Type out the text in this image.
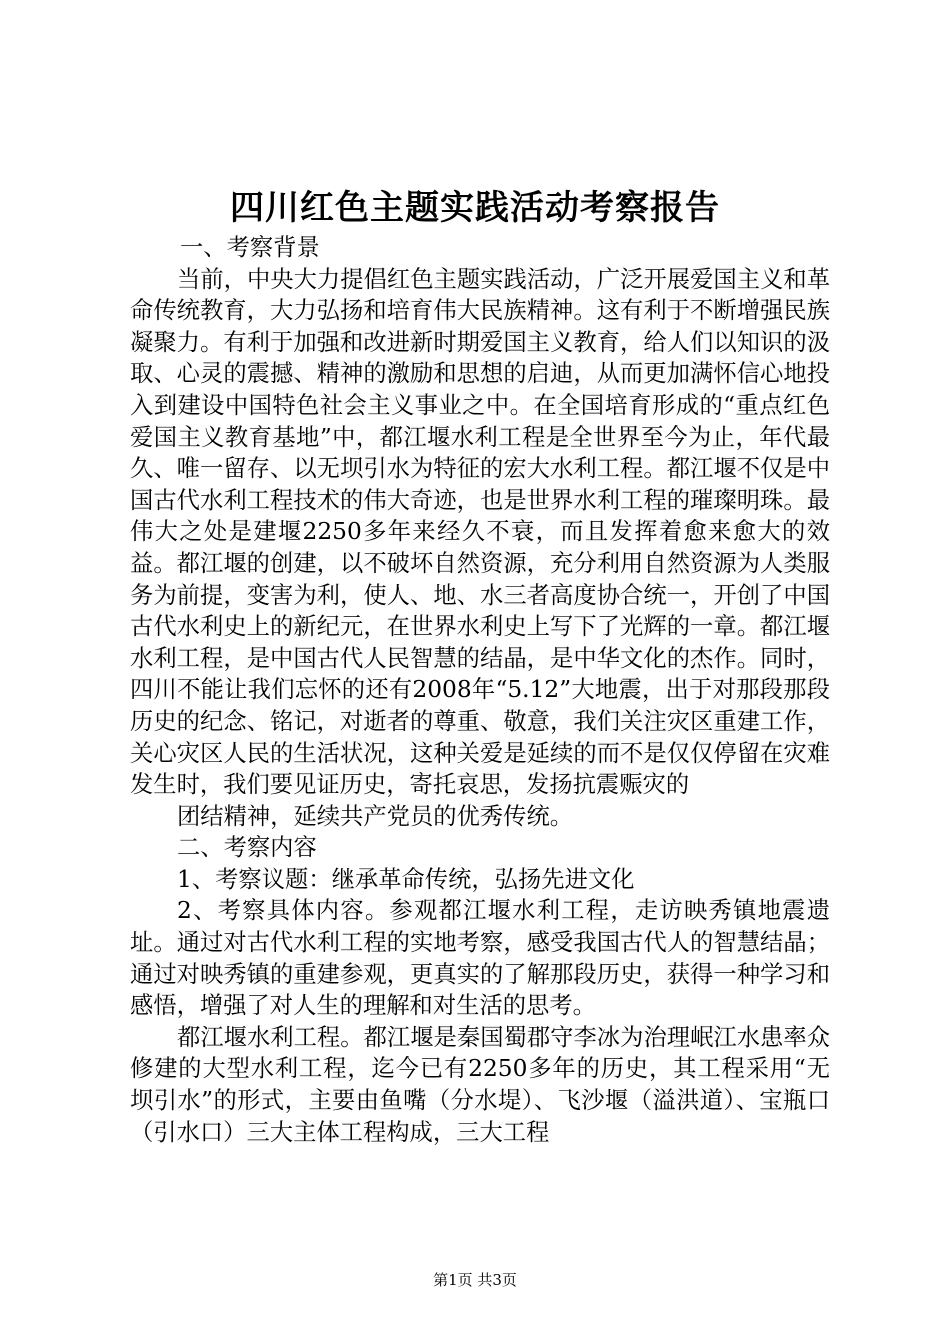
四川红色主题实践活动考察报告

一、考察背景

当前，中央大力提倡红色主题实践活动，广泛开展爱国主义和革命传统教育，大力弘扬和培育伟大民族精神。这有利于不断增强民族凝聚力。有利于加强和改进新时期爱国主义教育，给人们以知识的汲取、心灵的震撼、精神的激励和思想的启迪，从而更加满怀信心地投入到建设中国特色社会主义事业之中。在全国培育形成的“重点红色爱国主义教育基地”中，都江堰水利工程是全世界至今为止，年代最久、唯一留存、以无坝引水为特征的宏大水利工程。都江堰不仅是中国古代水利工程技术的伟大奇迹，也是世界水利工程的璀璨明珠。最伟大之处是建堰2250多年来经久不衰，而且发挥着愈来愈大的效益。都江堰的创建，以不破坏自然资源，充分利用自然资源为人类服务为前提，变害为利，使人、地、水三者高度协合统一，开创了中国古代水利史上的新纪元，在世界水利史上写下了光辉的一章。都江堰水利工程，是中国古代人民智慧的结晶，是中华文化的杰作。同时，四川不能让我们忘怀的还有2008年“5.12”大地震，出于对那段那段历史的纪念、铭记，对逝者的尊重、敬意，我们关注灾区重建工作，关心灾区人民的生活状况，这种关爱是延续的而不是仅仅停留在灾难发生时，我们要见证历史，寄托哀思，发扬抗震赈灾的

团结精神，延续共产党员的优秀传统。

二、考察内容

1、考察议题：继承革命传统，弘扬先进文化

2、考察具体内容。参观都江堰水利工程，走访映秀镇地震遗址。通过对古代水利工程的实地考察，感受我国古代人的智慧结晶；通过对映秀镇的重建参观，更真实的了解那段历史，获得一种学习和感悟，增强了对人生的理解和对生活的思考。

都江堰水利工程。都江堰是秦国蜀郡守李冰为治理岷江水患率众修建的大型水利工程，迄今已有2250多年的历史，其工程采用“无坝引水”的形式，主要由鱼嘴（分水堤）、飞沙堰（溢洪道）、宝瓶口（引水口）三大主体工程构成，三大工程

第1页 共3页
